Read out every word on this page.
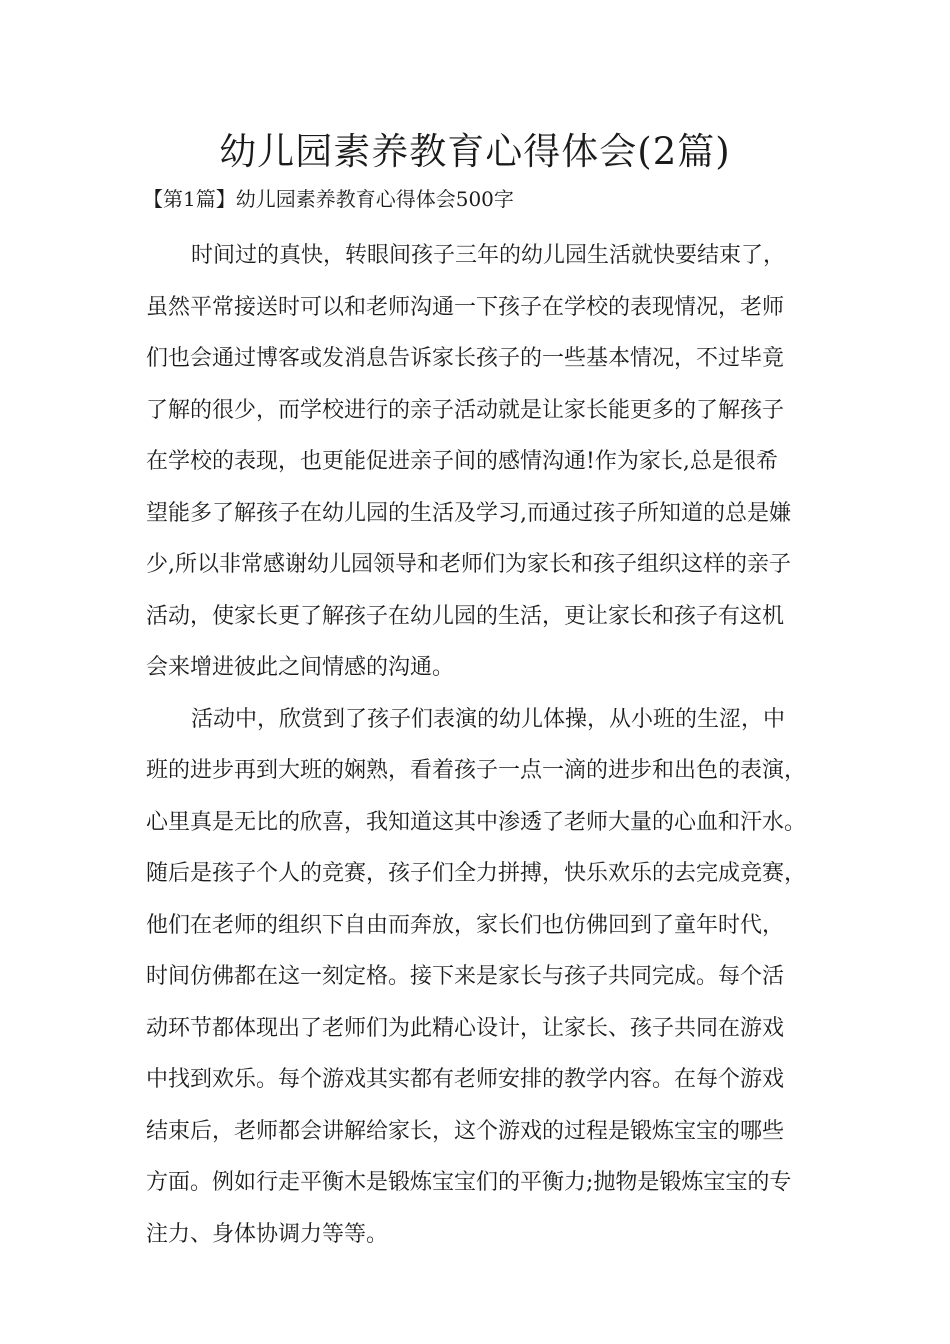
幼儿园素养教育心得体会(2篇)

【第1篇】幼儿园素养教育心得体会500字

时间过的真快，转眼间孩子三年的幼儿园生活就快要结束了，
虽然平常接送时可以和老师沟通一下孩子在学校的表现情况，老师
们也会通过博客或发消息告诉家长孩子的一些基本情况，不过毕竟
了解的很少，而学校进行的亲子活动就是让家长能更多的了解孩子
在学校的表现，也更能促进亲子间的感情沟通!作为家长,总是很希
望能多了解孩子在幼儿园的生活及学习,而通过孩子所知道的总是嫌
少,所以非常感谢幼儿园领导和老师们为家长和孩子组织这样的亲子
活动，使家长更了解孩子在幼儿园的生活，更让家长和孩子有这机
会来增进彼此之间情感的沟通。
活动中，欣赏到了孩子们表演的幼儿体操，从小班的生涩，中
班的进步再到大班的娴熟，看着孩子一点一滴的进步和出色的表演，
心里真是无比的欣喜，我知道这其中渗透了老师大量的心血和汗水。
随后是孩子个人的竞赛，孩子们全力拼搏，快乐欢乐的去完成竞赛，
他们在老师的组织下自由而奔放，家长们也仿佛回到了童年时代，
时间仿佛都在这一刻定格。接下来是家长与孩子共同完成。每个活
动环节都体现出了老师们为此精心设计，让家长、孩子共同在游戏
中找到欢乐。每个游戏其实都有老师安排的教学内容。在每个游戏
结束后，老师都会讲解给家长，这个游戏的过程是锻炼宝宝的哪些
方面。例如行走平衡木是锻炼宝宝们的平衡力;抛物是锻炼宝宝的专
注力、身体协调力等等。
